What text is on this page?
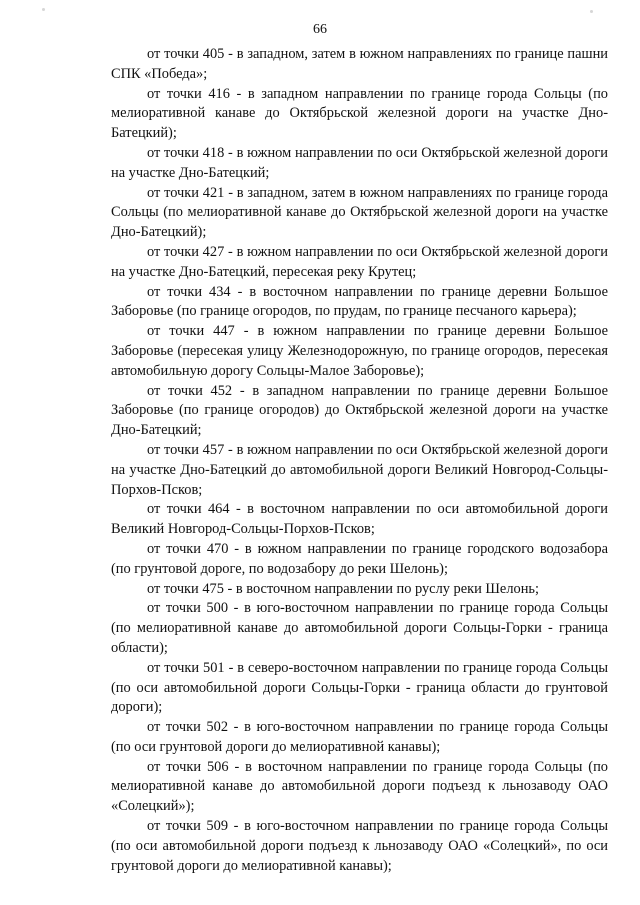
66

от точки 405 - в западном, затем в южном направлениях по границе пашни СПК «Победа»;

от точки 416 - в западном направлении по границе города Сольцы (по мелиоративной канаве до Октябрьской железной дороги на участке Дно-Батецкий);

от точки 418 - в южном направлении по оси Октябрьской железной дороги на участке Дно-Батецкий;

от точки 421 - в западном, затем в южном направлениях по границе города Сольцы (по мелиоративной канаве до Октябрьской железной дороги на участке Дно-Батецкий);

от точки 427 - в южном направлении по оси Октябрьской железной дороги на участке Дно-Батецкий, пересекая реку Крутец;

от точки 434 - в восточном направлении по границе деревни Большое Заборовье (по границе огородов, по прудам, по границе песчаного карьера);

от точки 447 - в южном направлении по границе деревни Большое Заборовье (пересекая улицу Железнодорожную, по границе огородов, пересекая автомобильную дорогу Сольцы-Малое Заборовье);

от точки 452 - в западном направлении по границе деревни Большое Заборовье (по границе огородов) до Октябрьской железной дороги на участке Дно-Батецкий;

от точки 457 - в южном направлении по оси Октябрьской железной дороги на участке Дно-Батецкий до автомобильной дороги Великий Новгород-Сольцы-Порхов-Псков;

от точки 464 - в восточном направлении по оси автомобильной дороги Великий Новгород-Сольцы-Порхов-Псков;

от точки 470 - в южном направлении по границе городского водозабора (по грунтовой дороге, по водозабору до реки Шелонь);

от точки 475 - в восточном направлении по руслу реки Шелонь;

от точки 500 - в юго-восточном направлении по границе города Сольцы (по мелиоративной канаве до автомобильной дороги Сольцы-Горки - граница области);

от точки 501 - в северо-восточном направлении по границе города Сольцы (по оси автомобильной дороги Сольцы-Горки - граница области до грунтовой дороги);

от точки 502 - в юго-восточном направлении по границе города Сольцы (по оси грунтовой дороги до мелиоративной канавы);

от точки 506 - в восточном направлении по границе города Сольцы (по мелиоративной канаве до автомобильной дороги подъезд к льнозаводу ОАО «Солецкий»);

от точки 509 - в юго-восточном направлении по границе города Сольцы (по оси автомобильной дороги подъезд к льнозаводу ОАО «Солецкий», по оси грунтовой дороги до мелиоративной канавы);
